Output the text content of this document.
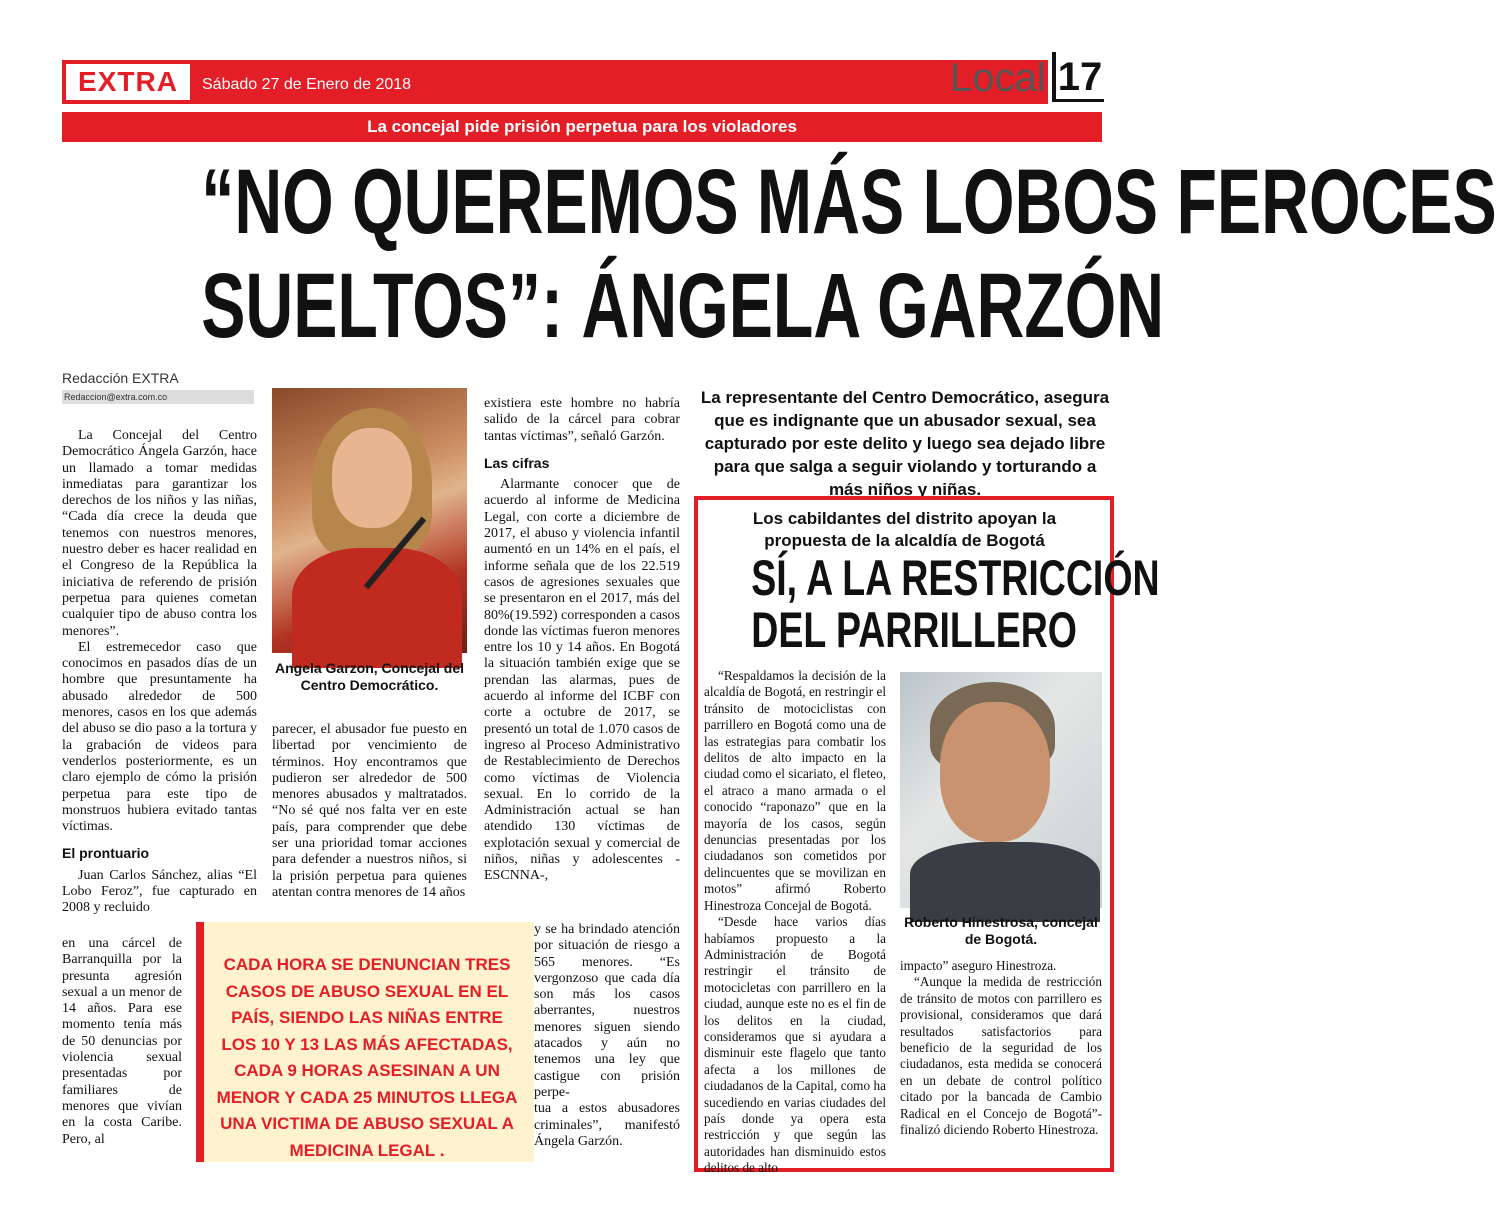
EXTRA Sábado 27 de Enero de 2018	Local 17
La concejal pide prisión perpetua para los violadores
“NO QUEREMOS MÁS LOBOS FEROCES
SUELTOS”: ÁNGELA GARZÓN
Redacción EXTRA
Redaccion@extra.com.co

La Concejal del Centro Democrático Ángela Garzón, hace un llamado a tomar medidas inmediatas para garantizar los derechos de los niños y las niñas, “Cada día crece la deuda que tenemos con nuestros menores, nuestro deber es hacer realidad en el Congreso de la República la iniciativa de referendo de prisión perpetua para quienes cometan cualquier tipo de abuso contra los menores”.

El estremecedor caso que conocimos en pasados días de un hombre que presuntamente ha abusado alrededor de 500 menores, casos en los que además del abuso se dio paso a la tortura y la grabación de videos para venderlos posteriormente, es un claro ejemplo de cómo la prisión perpetua para este tipo de monstruos hubiera evitado tantas víctimas.

El prontuario

Juan Carlos Sánchez, alias “El Lobo Feroz”, fue capturado en 2008 y recluido

en una cárcel de Barranquilla por la presunta agresión sexual a un menor de 14 años. Para ese momento tenía más de 50 denuncias por violencia sexual presentadas por familiares de menores que vivían en la costa Caribe. Pero, al

Angela Garzon, Concejal del Centro Democrático.

parecer, el abusador fue puesto en libertad por vencimiento de términos. Hoy encontramos que pudieron ser alrededor de 500 menores abusados y maltratados. “No sé qué nos falta ver en este país, para comprender que debe ser una prioridad tomar acciones para defender a nuestros niños, si la prisión perpetua para quienes atentan contra menores de 14 años

existiera este hombre no habría salido de la cárcel para cobrar tantas víctimas”, señaló Garzón.

Las cifras

Alarmante conocer que de acuerdo al informe de Medicina Legal, con corte a diciembre de 2017, el abuso y violencia infantil aumentó en un 14% en el país, el informe señala que de los 22.519 casos de agresiones sexuales que se presentaron en el 2017, más del 80%(19.592) corresponden a casos donde las víctimas fueron menores entre los 10 y 14 años. En Bogotá la situación también exige que se prendan las alarmas, pues de acuerdo al informe del ICBF con corte a octubre de 2017, se presentó un total de 1.070 casos de ingreso al Proceso Administrativo de Restablecimiento de Derechos como víctimas de Violencia sexual. En lo corrido de la Administración actual se han atendido 130 víctimas de explotación sexual y comercial de niños, niñas y adolescentes -ESCNNA-,

y se ha brindado atención por situación de riesgo a 565 menores. “Es vergonzoso que cada día son más los casos aberrantes, nuestros menores siguen siendo atacados y aún no tenemos una ley que castigue con prisión perpe-

tua a estos abusadores criminales”, manifestó Ángela Garzón.

La representante del Centro Democrático, asegura que es indignante que un abusador sexual, sea capturado por este delito y luego sea dejado libre para que salga a seguir violando y torturando a más niños y niñas.
Los cabildantes del distrito apoyan la propuesta de la alcaldía de Bogotá
SÍ, A LA RESTRICCIÓN
DEL PARRILLERO

“Respaldamos la decisión de la alcaldía de Bogotá, en restringir el tránsito de motociclistas con parrillero en Bogotá como una de las estrategias para combatir los delitos de alto impacto en la ciudad como el sicariato, el fleteo, el atraco a mano armada o el conocido “raponazo” que en la mayoría de los casos, según denuncias presentadas por los ciudadanos son cometidos por delincuentes que se movilizan en motos” afirmó Roberto Hinestroza Concejal de Bogotá.

“Desde hace varios días habíamos propuesto a la Administración de Bogotá restringir el tránsito de motocicletas con parrillero en la ciudad, aunque este no es el fin de los delitos en la ciudad, consideramos que si ayudara a disminuir este flagelo que tanto afecta a los millones de ciudadanos de la Capital, como ha sucediendo en varias ciudades del país donde ya opera esta restricción y que según las autoridades han disminuido estos delitos de alto

Roberto Hinestrosa, concejal de Bogotá.

impacto” aseguro Hinestroza.

“Aunque la medida de restricción de tránsito de motos con parrillero es provisional, consideramos que dará resultados satisfactorios para beneficio de la seguridad de los ciudadanos, esta medida se conocerá en un debate de control político citado por la bancada de Cambio Radical en el Concejo de Bogotá”- finalizó diciendo Roberto Hinestroza.

CADA HORA SE DENUNCIAN TRES CASOS DE ABUSO SEXUAL EN EL PAÍS, SIENDO LAS NIÑAS ENTRE LOS 10 Y 13 LAS MÁS AFECTADAS, CADA 9 HORAS ASESINAN A UN MENOR Y CADA 25 MINUTOS LLEGA UNA VICTIMA DE ABUSO SEXUAL A MEDICINA LEGAL .
